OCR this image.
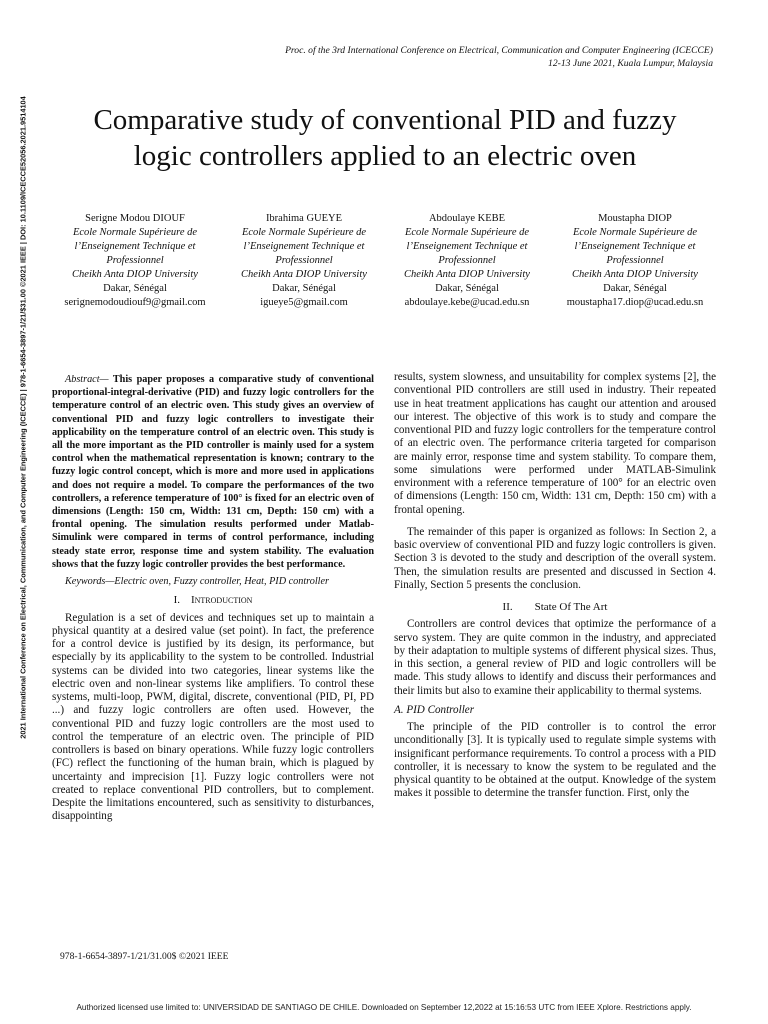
Proc. of the 3rd International Conference on Electrical, Communication and Computer Engineering (ICECCE)
12-13 June 2021, Kuala Lumpur, Malaysia
Comparative study of conventional PID and fuzzy
logic controllers applied to an electric oven
2021 International Conference on Electrical, Communication, and Computer Engineering (ICECCE) | 978-1-6654-3897-1/21/$31.00 ©2021 IEEE | DOI: 10.1109/ICECCE52056.2021.9514104	Serigne Modou DIOUF
Ecole Normale Supérieure de
l’Enseignement Technique et
Professionnel
Cheikh Anta DIOP University
Dakar, Sénégal
serignemodoudiouf9@gmail.com
Ibrahima GUEYE
Ecole Normale Supérieure de
l’Enseignement Technique et
Professionnel
Cheikh Anta DIOP University
Dakar, Sénégal
igueye5@gmail.com
Abdoulaye KEBE
Ecole Normale Supérieure de
l’Enseignement Technique et
Professionnel
Cheikh Anta DIOP University
Dakar, Sénégal
abdoulaye.kebe@ucad.edu.sn
Moustapha DIOP
Ecole Normale Supérieure de
l’Enseignement Technique et
Professionnel
Cheikh Anta DIOP University
Dakar, Sénégal
moustapha17.diop@ucad.edu.sn

Abstract— This paper proposes a comparative study of conventional proportional-integral-derivative (PID) and fuzzy logic controllers for the temperature control of an electric oven. This study gives an overview of conventional PID and fuzzy logic controllers to investigate their applicability on the temperature control of an electric oven. This study is all the more important as the PID controller is mainly used for a system control when the mathematical representation is known; contrary to the fuzzy logic control concept, which is more and more used in applications and does not require a model. To compare the performances of the two controllers, a reference temperature of 100° is fixed for an electric oven of dimensions (Length: 150 cm, Width: 131 cm, Depth: 150 cm) with a frontal opening. The simulation results performed under Matlab-Simulink were compared in terms of control performance, including steady state error, response time and system stability. The evaluation shows that the fuzzy logic controller provides the best performance.

Keywords—Electric oven, Fuzzy controller, Heat, PID controller

I. Introduction

Regulation is a set of devices and techniques set up to maintain a physical quantity at a desired value (set point). In fact, the preference for a control device is justified by its design, its performance, but especially by its applicability to the system to be controlled. Industrial systems can be divided into two categories, linear systems like the electric oven and non-linear systems like amplifiers. To control these systems, multi-loop, PWM, digital, discrete, conventional (PID, PI, PD ...) and fuzzy logic controllers are often used. However, the conventional PID and fuzzy logic controllers are the most used to control the temperature of an electric oven. The principle of PID controllers is based on binary operations. While fuzzy logic controllers (FC) reflect the functioning of the human brain, which is plagued by uncertainty and imprecision [1]. Fuzzy logic controllers were not created to replace conventional PID controllers, but to complement. Despite the limitations encountered, such as sensitivity to disturbances, disappointing

results, system slowness, and unsuitability for complex systems [2], the conventional PID controllers are still used in industry. Their repeated use in heat treatment applications has caught our attention and aroused our interest. The objective of this work is to study and compare the conventional PID and fuzzy logic controllers for the temperature control of an electric oven. The performance criteria targeted for comparison are mainly error, response time and system stability. To compare them, some simulations were performed under MATLAB-Simulink environment with a reference temperature of 100° for an electric oven of dimensions (Length: 150 cm, Width: 131 cm, Depth: 150 cm) with a frontal opening.

The remainder of this paper is organized as follows: In Section 2, a basic overview of conventional PID and fuzzy logic controllers is given. Section 3 is devoted to the study and description of the overall system. Then, the simulation results are presented and discussed in Section 4. Finally, Section 5 presents the conclusion.

II. State Of The Art

Controllers are control devices that optimize the performance of a servo system. They are quite common in the industry, and appreciated by their adaptation to multiple systems of different physical sizes. Thus, in this section, a general review of PID and logic controllers will be made. This study allows to identify and discuss their performances and their limits but also to examine their applicability to thermal systems.

A. PID Controller

The principle of the PID controller is to control the error unconditionally [3]. It is typically used to regulate simple systems with insignificant performance requirements. To control a process with a PID controller, it is necessary to know the system to be regulated and the physical quantity to be obtained at the output. Knowledge of the system makes it possible to determine the transfer function. First, only the

978-1-6654-3897-1/21/31.00$ ©2021 IEEE
Authorized licensed use limited to: UNIVERSIDAD DE SANTIAGO DE CHILE. Downloaded on September 12,2022 at 15:16:53 UTC from IEEE Xplore. Restrictions apply.
